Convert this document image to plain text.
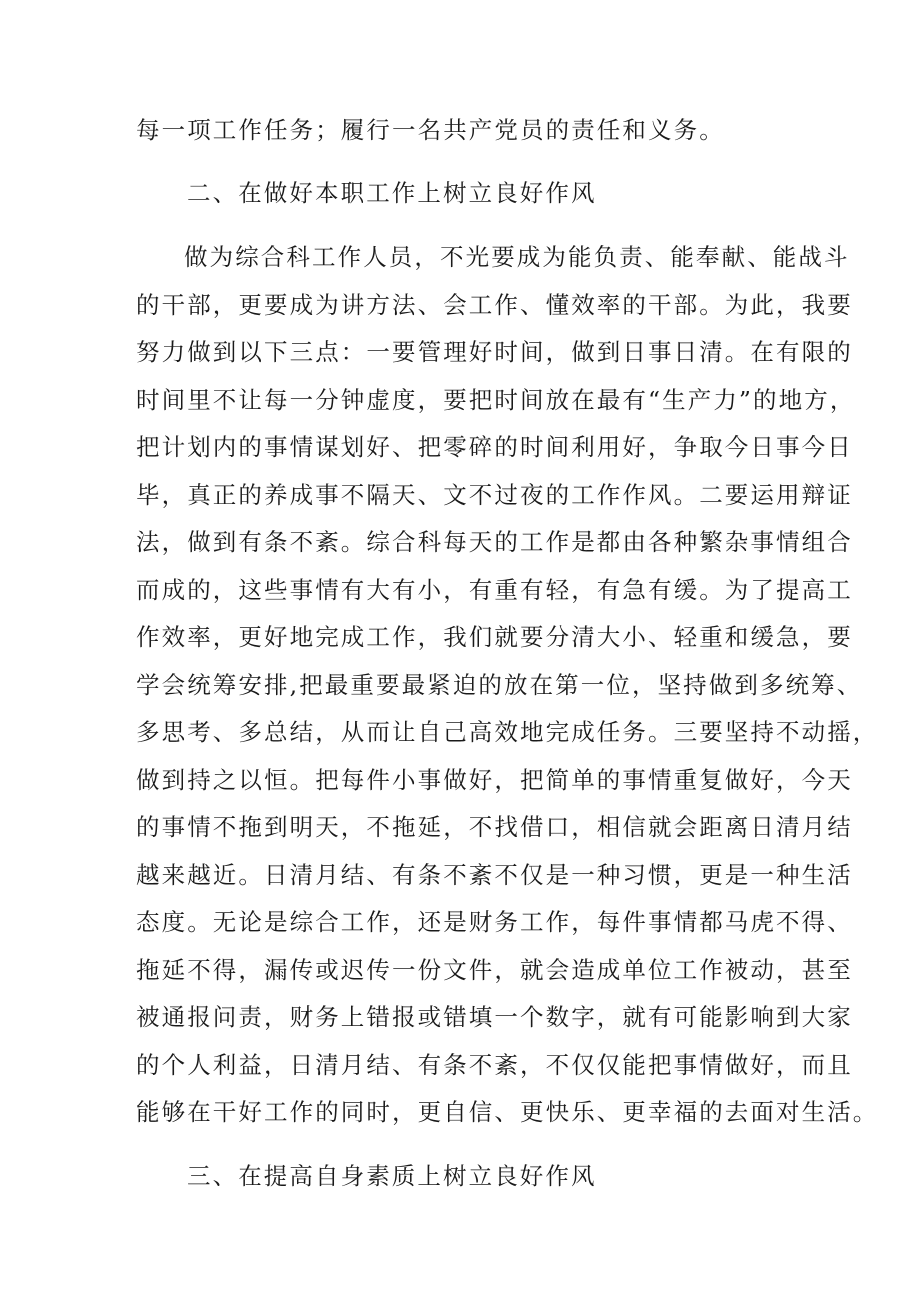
每一项工作任务；履行一名共产党员的责任和义务。
二、在做好本职工作上树立良好作风
做为综合科工作人员，不光要成为能负责、能奉献、能战斗
的干部，更要成为讲方法、会工作、懂效率的干部。为此，我要
努力做到以下三点：一要管理好时间，做到日事日清。在有限的
时间里不让每一分钟虚度，要把时间放在最有“生产力”的地方，
把计划内的事情谋划好、把零碎的时间利用好，争取今日事今日
毕，真正的养成事不隔天、文不过夜的工作作风。二要运用辩证
法，做到有条不紊。综合科每天的工作是都由各种繁杂事情组合
而成的，这些事情有大有小，有重有轻，有急有缓。为了提高工
作效率，更好地完成工作，我们就要分清大小、轻重和缓急，要
学会统筹安排,把最重要最紧迫的放在第一位，坚持做到多统筹、
多思考、多总结，从而让自己高效地完成任务。三要坚持不动摇，
做到持之以恒。把每件小事做好，把简单的事情重复做好，今天
的事情不拖到明天，不拖延，不找借口，相信就会距离日清月结
越来越近。日清月结、有条不紊不仅是一种习惯，更是一种生活
态度。无论是综合工作，还是财务工作，每件事情都马虎不得、
拖延不得，漏传或迟传一份文件，就会造成单位工作被动，甚至
被通报问责，财务上错报或错填一个数字，就有可能影响到大家
的个人利益，日清月结、有条不紊，不仅仅能把事情做好，而且
能够在干好工作的同时，更自信、更快乐、更幸福的去面对生活。
三、在提高自身素质上树立良好作风
